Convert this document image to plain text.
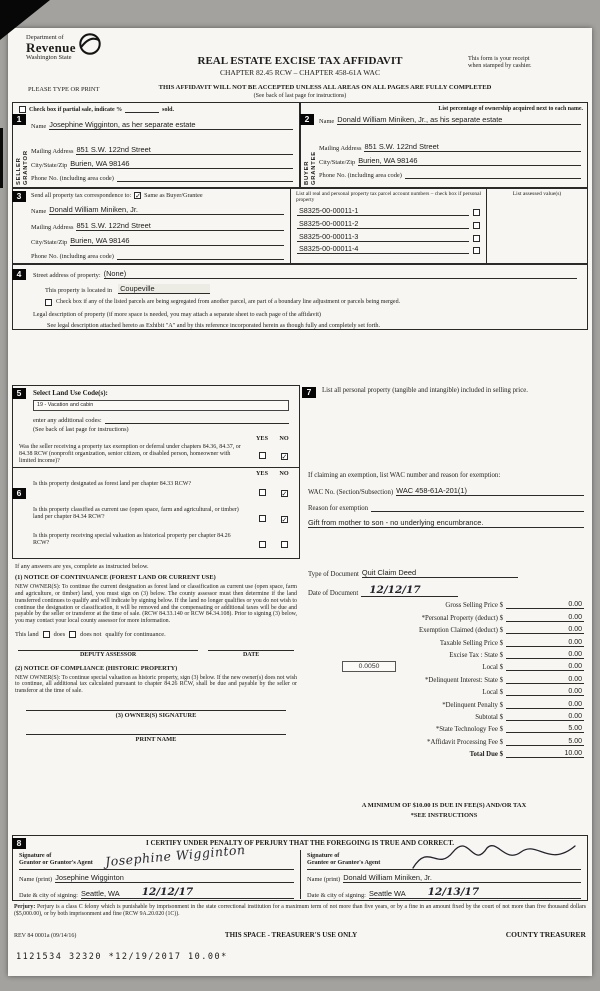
Department of
Revenue
Washington State	REAL ESTATE EXCISE TAX AFFIDAVIT
CHAPTER 82.45 RCW – CHAPTER 458-61A WAC
This form is your receipt
when stamped by cashier.
PLEASE TYPE OR PRINT	THIS AFFIDAVIT WILL NOT BE ACCEPTED UNLESS ALL AREAS ON ALL PAGES ARE FULLY COMPLETED
(See back of last page for instructions)
1
SELLER GRANTOR
Check box if partial sale, indicate %	sold.
Name Josephine Wigginton, as her separate estate
Mailing Address 851 S.W. 122nd Street
City/State/Zip Burien, WA 98146
Phone No. (including area code)
2
BUYER GRANTEE
List percentage of ownership acquired next to each name.
Name Donald William Miniken, Jr., as his separate estate
Mailing Address 851 S.W. 122nd Street
City/State/Zip Burien, WA 98146
Phone No. (including area code)
3	Send all property tax correspondence to: ✓ Same as Buyer/Grantee
Name Donald William Miniken, Jr.
Mailing Address 851 S.W. 122nd Street
City/State/Zip Burien, WA 98146
Phone No. (including area code)
List all real and personal property tax parcel account numbers – check box if personal property
S8325-00-00011-1
S8325-00-00011-2
S8325-00-00011-3
S8325-00-00011-4
List assessed value(s)
4	Street address of property: (None)
This property is located in Coupeville
Check box if any of the listed parcels are being segregated from another parcel, are part of a boundary line adjustment or parcels being merged.
Legal description of property (if more space is needed, you may attach a separate sheet to each page of the affidavit)
See legal description attached hereto as Exhibit "A" and by this reference incorporated herein as though fully and completely set forth.
5	Select Land Use Code(s):
19 - Vacation and cabin
enter any additional codes:
(See back of last page for instructions)
YES	NO
Was the seller receiving a property tax exemption or deferral under chapters 84.36, 84.37, or 84.38 RCW (nonprofit organization, senior citizen, or disabled person, homeowner with limited income)?	✓
6
YES	NO
Is this property designated as forest land per chapter 84.33 RCW?
✓
Is this property classified as current use (open space, farm and agricultural, or timber) land per chapter 84.34 RCW?	✓
Is this property receiving special valuation as historical property per chapter 84.26 RCW?
If any answers are yes, complete as instructed below.
(1) NOTICE OF CONTINUANCE (FOREST LAND OR CURRENT USE)
NEW OWNER(S): To continue the current designation as forest land or classification as current use (open space, farm and agriculture, or timber) land, you must sign on (3) below. The county assessor must then determine if the land transferred continues to qualify and will indicate by signing below. If the land no longer qualifies or you do not wish to continue the designation or classification, it will be removed and the compensating or additional taxes will be due and payable by the seller or transferor at the time of sale. (RCW 84.33.140 or RCW 84.34.108). Prior to signing (3) below, you may contact your local county assessor for more information.
This land does does not qualify for continuance.
DEPUTY ASSESSOR	DATE
(2) NOTICE OF COMPLIANCE (HISTORIC PROPERTY)
NEW OWNER(S): To continue special valuation as historic property, sign (3) below. If the new owner(s) does not wish to continue, all additional tax calculated pursuant to chapter 84.26 RCW, shall be due and payable by the seller or transferor at the time of sale.
(3) OWNER(S) SIGNATURE
PRINT NAME
7	List all personal property (tangible and intangible) included in selling price.
If claiming an exemption, list WAC number and reason for exemption:
WAC No. (Section/Subsection) WAC 458-61A-201(1)
Reason for exemption
Gift from mother to son - no underlying encumbrance.
Type of Document Quit Claim Deed
Date of Document 12/12/17
Gross Selling Price $	0.00
*Personal Property (deduct) $	0.00
Exemption Claimed (deduct) $	0.00
Taxable Selling Price $	0.00
Excise Tax : State $	0.00
0.0050	Local $	0.00
*Delinquent Interest: State $	0.00
Local $	0.00
*Delinquent Penalty $	0.00
Subtotal $	0.00
*State Technology Fee $	5.00
*Affidavit Processing Fee $	5.00
Total Due $	10.00
A MINIMUM OF $10.00 IS DUE IN FEE(S) AND/OR TAX
*SEE INSTRUCTIONS
8	I CERTIFY UNDER PENALTY OF PERJURY THAT THE FOREGOING IS TRUE AND CORRECT.
Signature of
Grantor or Grantor's Agent Josephine Wigginton
Name (print) Josephine Wigginton
Date & city of signing: Seattle, WA 12/12/17
Signature of
Grantee or Grantee's Agent
Name (print) Donald William Miniken, Jr.
Date & city of signing: Seattle WA 12/13/17
Perjury: Perjury is a class C felony which is punishable by imprisonment in the state correctional institution for a maximum term of not more than five years, or by a fine in an amount fixed by the court of not more than five thousand dollars ($5,000.00), or by both imprisonment and fine (RCW 9A.20.020 (1C)).
REV 84 0001a (09/14/16)	THIS SPACE - TREASURER'S USE ONLY	COUNTY TREASURER
1121534 32320 *12/19/2017 10.00*
